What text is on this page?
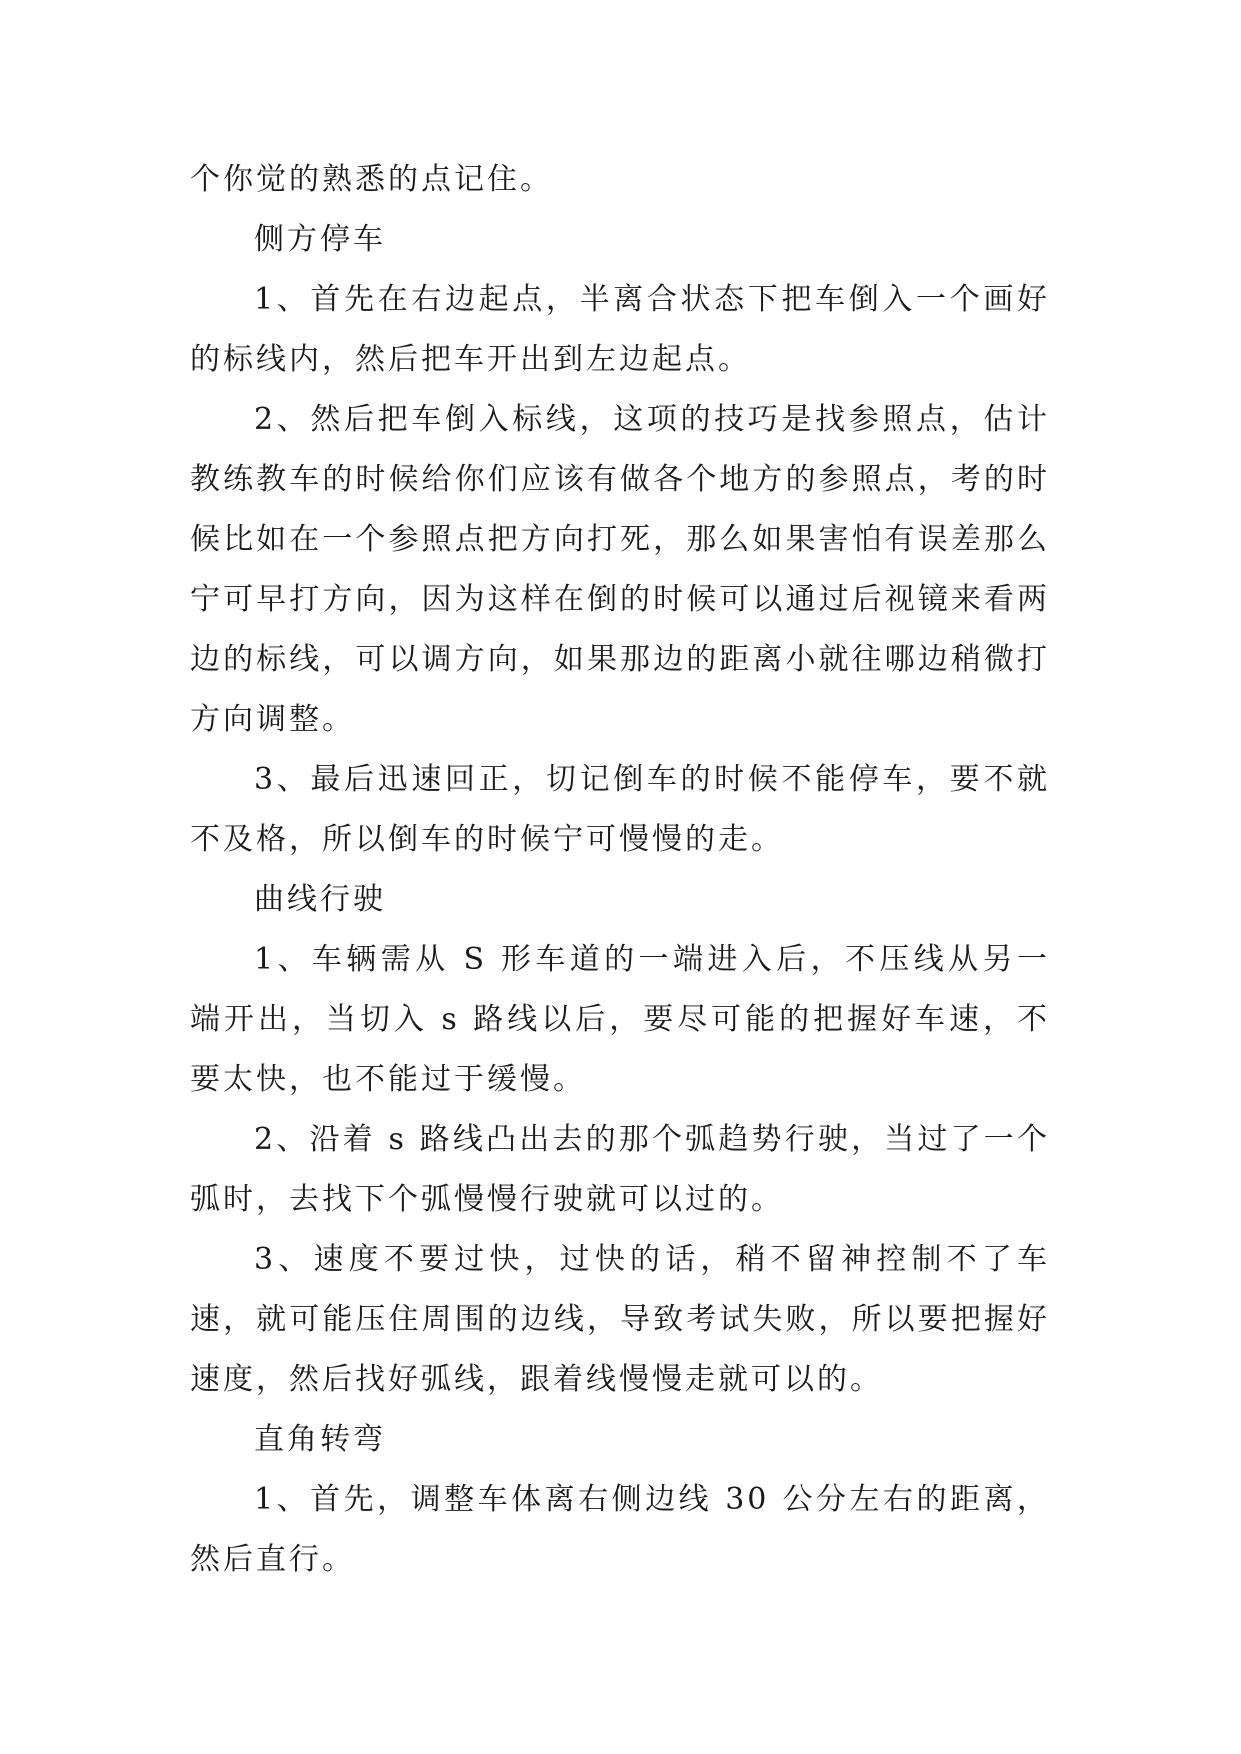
个你觉的熟悉的点记住。

侧方停车

1、首先在右边起点，半离合状态下把车倒入一个画好的标线内，然后把车开出到左边起点。

2、然后把车倒入标线，这项的技巧是找参照点，估计教练教车的时候给你们应该有做各个地方的参照点，考的时候比如在一个参照点把方向打死，那么如果害怕有误差那么宁可早打方向，因为这样在倒的时候可以通过后视镜来看两边的标线，可以调方向，如果那边的距离小就往哪边稍微打方向调整。

3、最后迅速回正，切记倒车的时候不能停车，要不就不及格，所以倒车的时候宁可慢慢的走。

曲线行驶

1、车辆需从 S 形车道的一端进入后，不压线从另一端开出，当切入 s 路线以后，要尽可能的把握好车速，不要太快，也不能过于缓慢。

2、沿着 s 路线凸出去的那个弧趋势行驶，当过了一个弧时，去找下个弧慢慢行驶就可以过的。

3、速度不要过快，过快的话，稍不留神控制不了车速，就可能压住周围的边线，导致考试失败，所以要把握好速度，然后找好弧线，跟着线慢慢走就可以的。

直角转弯

1、首先，调整车体离右侧边线 30 公分左右的距离，然后直行。
